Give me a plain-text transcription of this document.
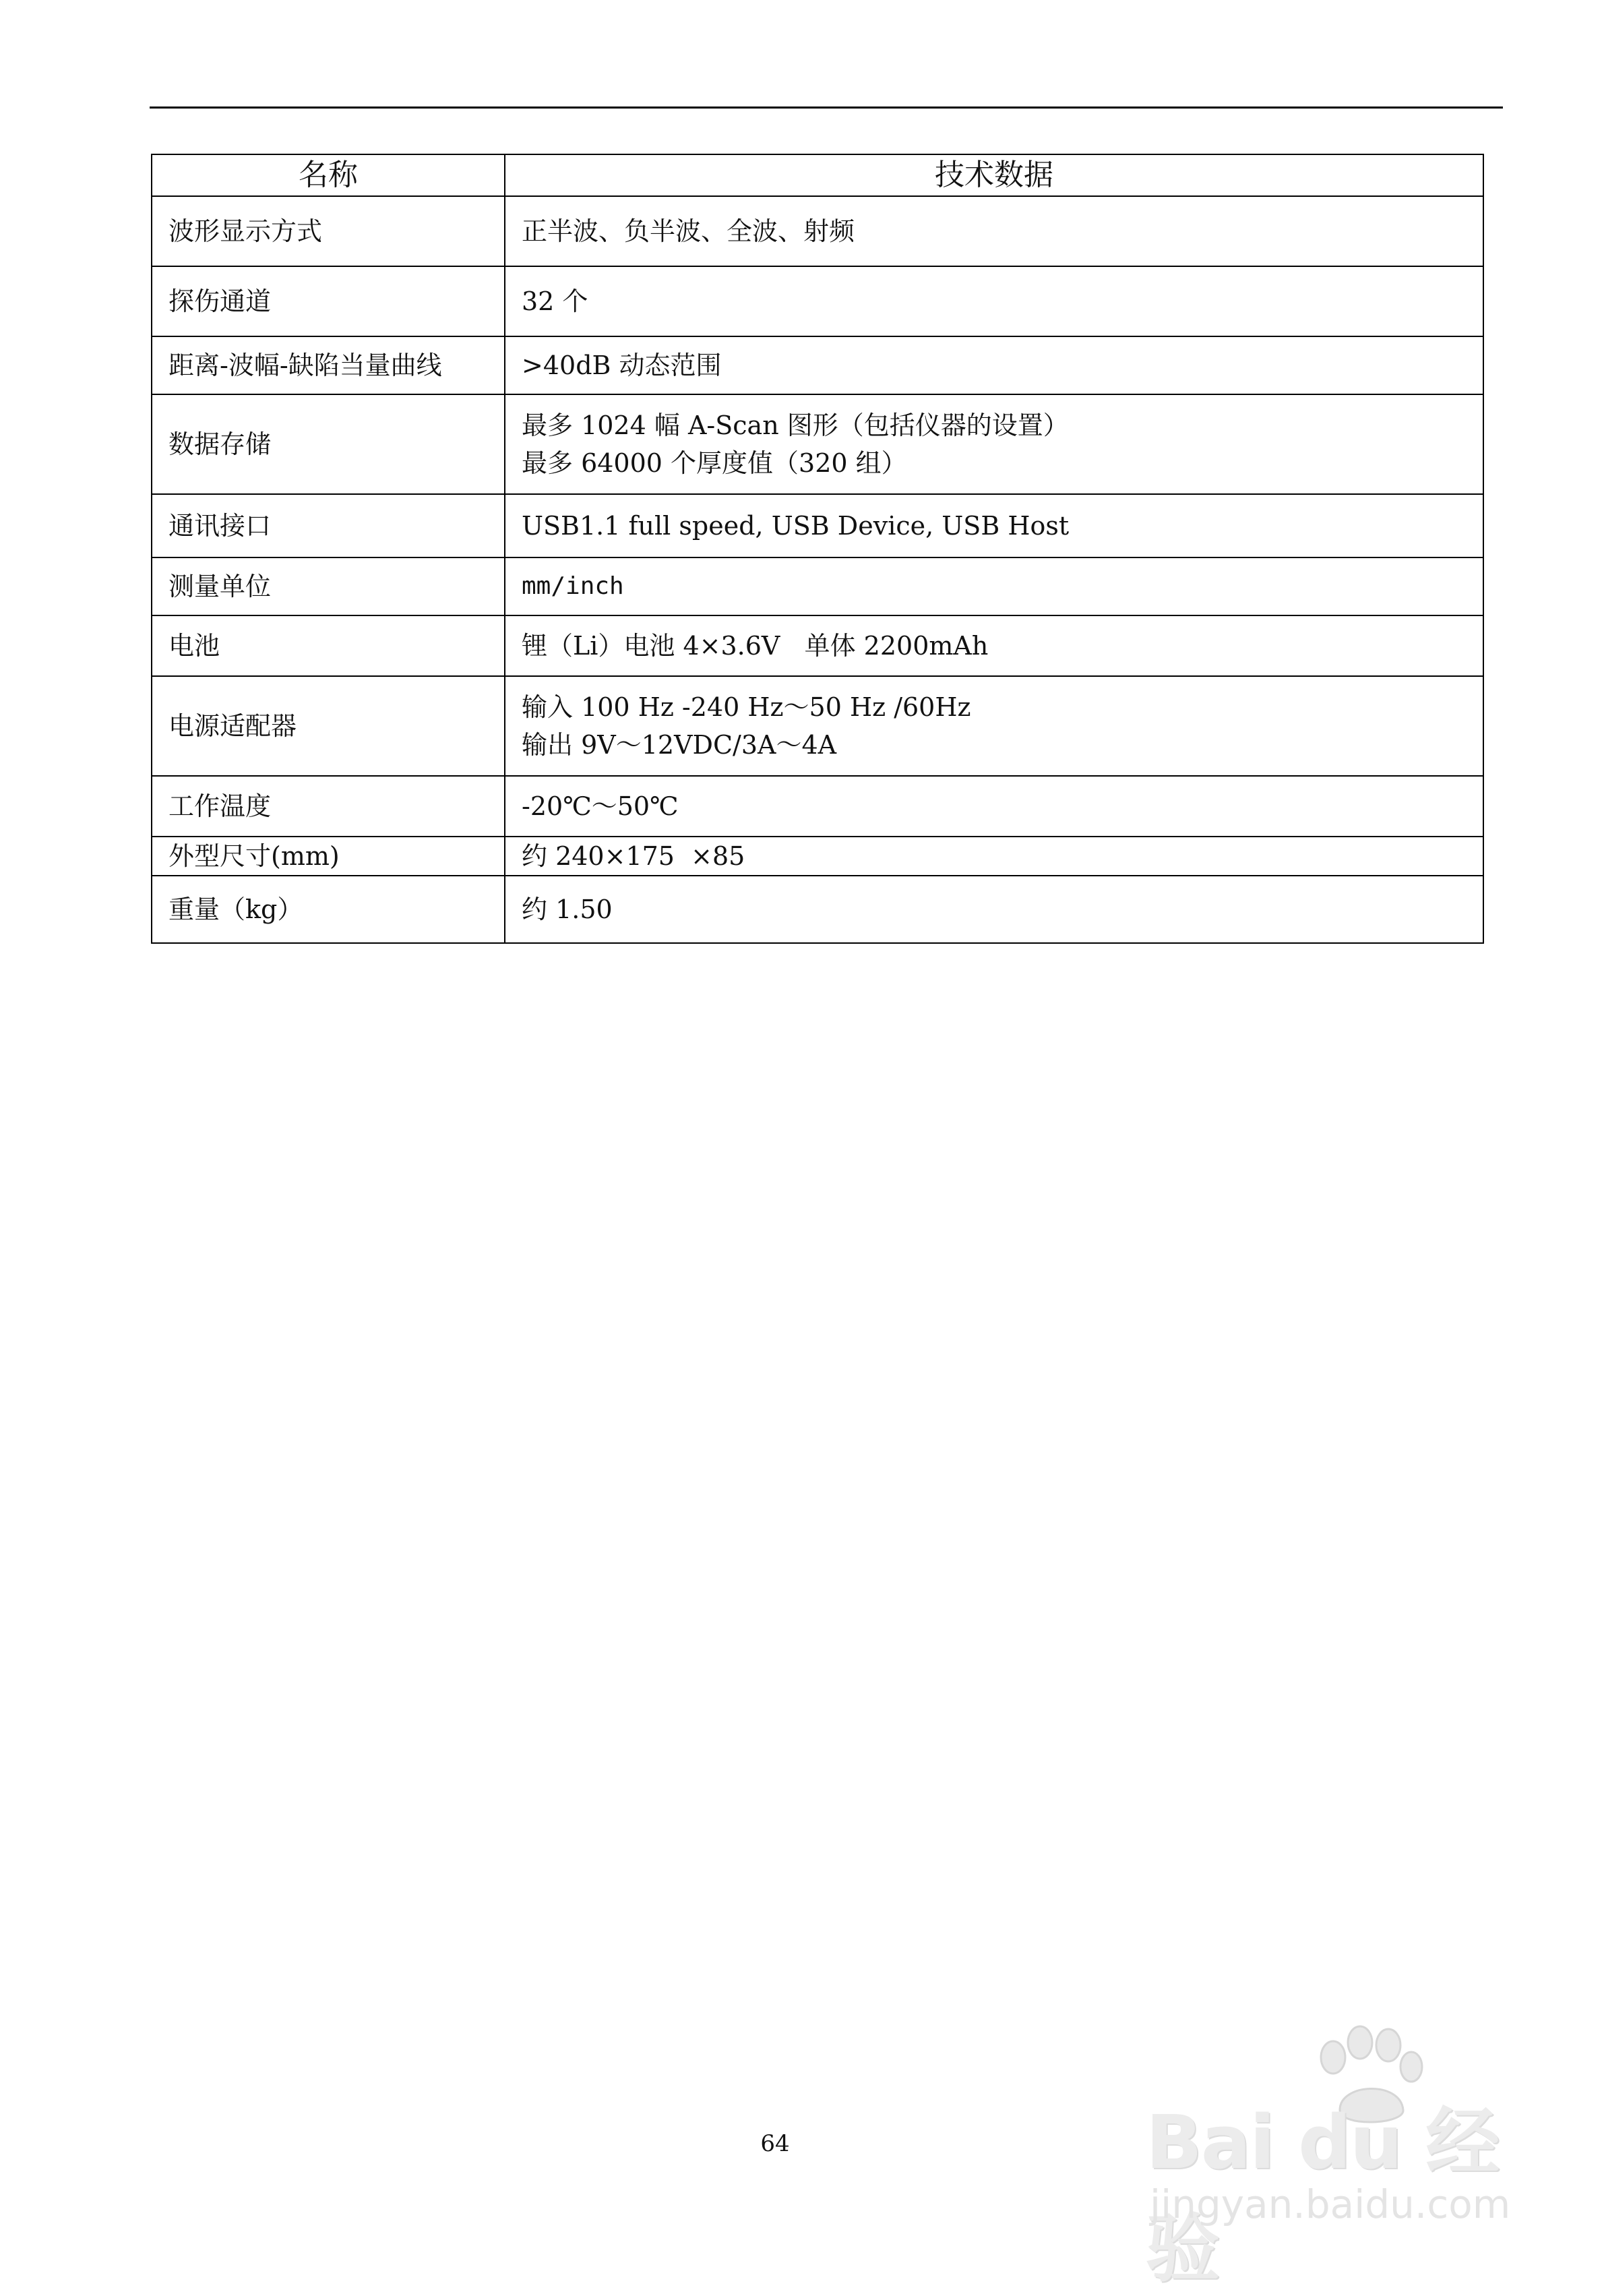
名称	技术数据
波形显示方式	正半波、负半波、全波、射频

探伤通道	32 个

距离-波幅-缺陷当量曲线	>40dB 动态范围

数据存储	最多 1024 幅 A-Scan 图形（包括仪器的设置）
最多 64000 个厚度值（320 组）

通讯接口	USB1.1 full speed, USB Device, USB Host

测量单位	mm/inch

电池	锂（Li）电池 4×3.6V   单体 2200mAh

电源适配器	输入 100 Hz -240 Hz～50 Hz /60Hz
输出 9V～12VDC/3A～4A

工作温度	-20℃～50℃

外型尺寸(mm)	约 240×175  ×85

重量（kg）	约 1.50
64	Bai du 经验
jingyan.baidu.com
